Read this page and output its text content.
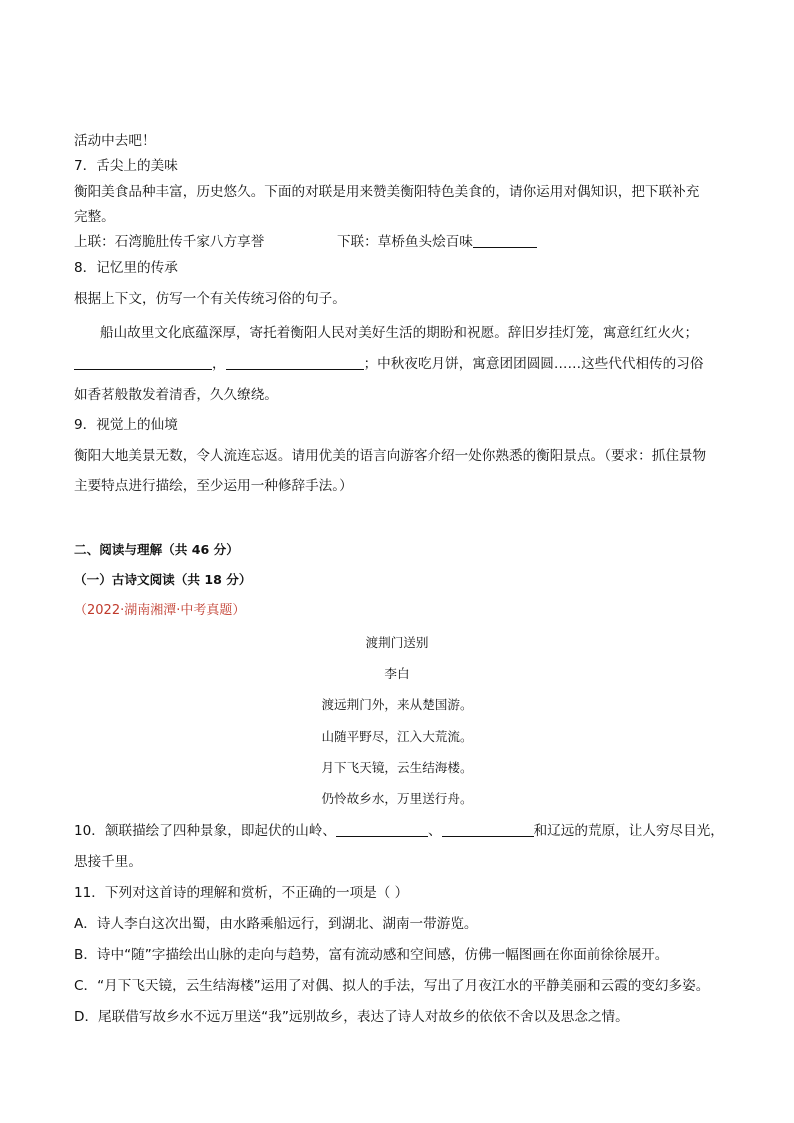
活动中去吧！
7．舌尖上的美味
衡阳美食品种丰富，历史悠久。下面的对联是用来赞美衡阳特色美食的，请你运用对偶知识，把下联补充
完整。
上联：石湾脆肚传千家八方享誉	下联：草桥鱼头烩百味
8．记忆里的传承
根据上下文，仿写一个有关传统习俗的句子。
船山故里文化底蕴深厚，寄托着衡阳人民对美好生活的期盼和祝愿。辞旧岁挂灯笼，寓意红红火火；
，	；中秋夜吃月饼，寓意团团圆圆……这些代代相传的习俗
如香茗般散发着清香，久久缭绕。
9．视觉上的仙境
衡阳大地美景无数，令人流连忘返。请用优美的语言向游客介绍一处你熟悉的衡阳景点。（要求：抓住景物
主要特点进行描绘，至少运用一种修辞手法。）
二、阅读与理解（共 46 分）
（一）古诗文阅读（共 18 分）
（2022·湖南湘潭·中考真题）
渡荆门送别
李白
渡远荆门外，来从楚国游。
山随平野尽，江入大荒流。
月下飞天镜，云生结海楼。
仍怜故乡水，万里送行舟。
10．颔联描绘了四种景象，即起伏的山岭、	、	和辽远的荒原，让人穷尽目光，
思接千里。
11．下列对这首诗的理解和赏析，不正确的一项是（ ）
A．诗人李白这次出蜀，由水路乘船远行，到湖北、湖南一带游览。
B．诗中“随”字描绘出山脉的走向与趋势，富有流动感和空间感，仿佛一幅图画在你面前徐徐展开。
C．“月下飞天镜，云生结海楼”运用了对偶、拟人的手法，写出了月夜江水的平静美丽和云霞的变幻多姿。
D．尾联借写故乡水不远万里送“我”远别故乡，表达了诗人对故乡的依依不舍以及思念之情。
